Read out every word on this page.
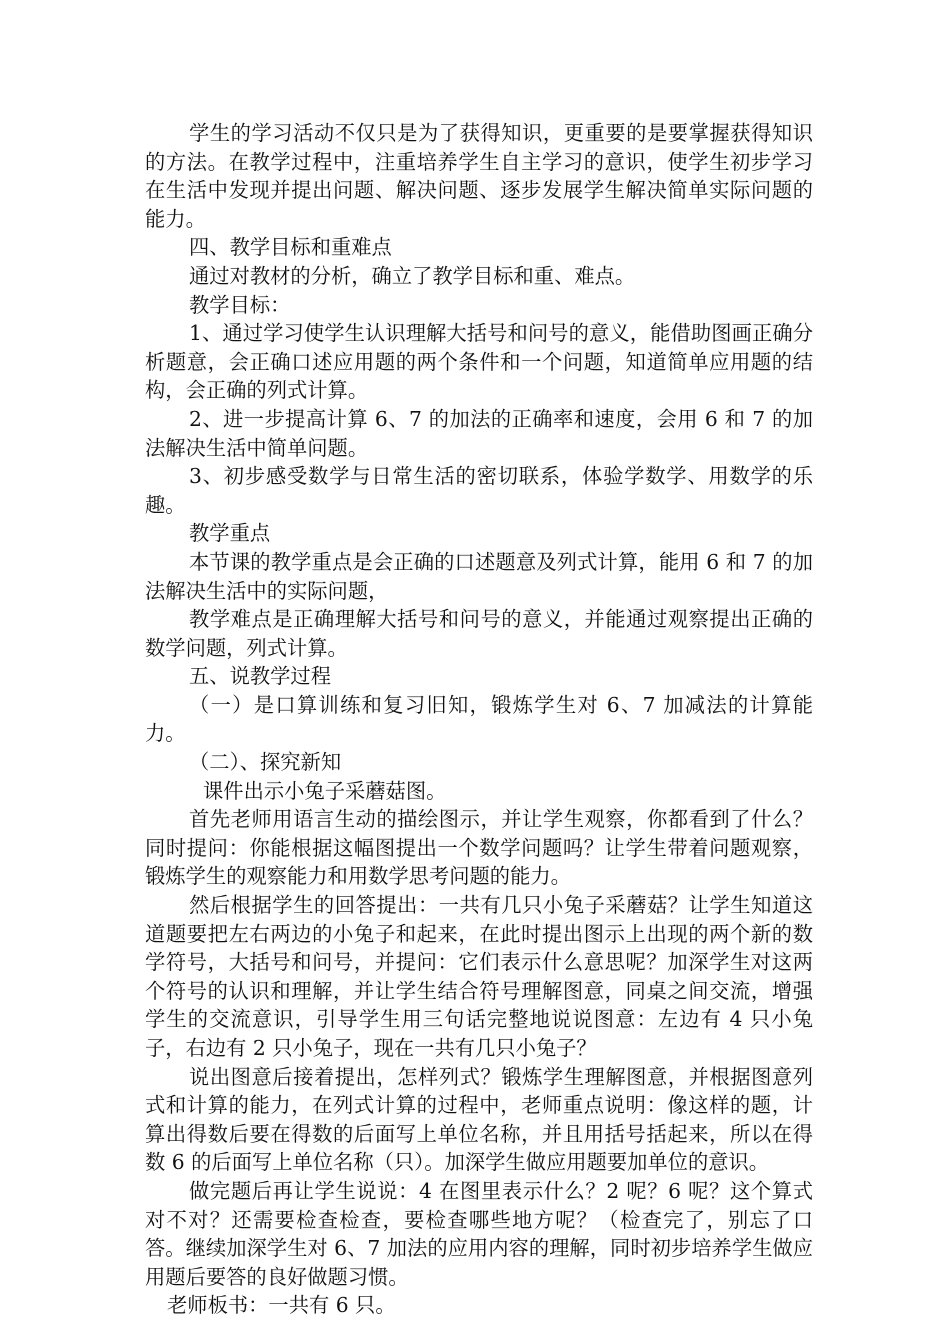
学生的学习活动不仅只是为了获得知识，更重要的是要掌握获得知识的方法。在教学过程中，注重培养学生自主学习的意识，使学生初步学习在生活中发现并提出问题、解决问题、逐步发展学生解决简单实际问题的能力。

四、教学目标和重难点

通过对教材的分析，确立了教学目标和重、难点。

教学目标：

1、通过学习使学生认识理解大括号和问号的意义，能借助图画正确分析题意，会正确口述应用题的两个条件和一个问题，知道简单应用题的结构，会正确的列式计算。

2、进一步提高计算 6、7 的加法的正确率和速度，会用 6 和 7 的加法解决生活中简单问题。

3、初步感受数学与日常生活的密切联系，体验学数学、用数学的乐趣。

教学重点

本节课的教学重点是会正确的口述题意及列式计算，能用 6 和 7 的加法解决生活中的实际问题，

教学难点是正确理解大括号和问号的意义，并能通过观察提出正确的数学问题，列式计算。

五、说教学过程

（一）是口算训练和复习旧知，锻炼学生对 6、7 加减法的计算能力。

（二）、探究新知

课件出示小兔子采蘑菇图。

首先老师用语言生动的描绘图示，并让学生观察，你都看到了什么？同时提问：你能根据这幅图提出一个数学问题吗？让学生带着问题观察，锻炼学生的观察能力和用数学思考问题的能力。

然后根据学生的回答提出：一共有几只小兔子采蘑菇？让学生知道这道题要把左右两边的小兔子和起来，在此时提出图示上出现的两个新的数学符号，大括号和问号，并提问：它们表示什么意思呢？加深学生对这两个符号的认识和理解，并让学生结合符号理解图意，同桌之间交流，增强学生的交流意识，引导学生用三句话完整地说说图意：左边有 4 只小兔子，右边有 2 只小兔子，现在一共有几只小兔子？

说出图意后接着提出，怎样列式？锻炼学生理解图意，并根据图意列式和计算的能力，在列式计算的过程中，老师重点说明：像这样的题，计算出得数后要在得数的后面写上单位名称，并且用括号括起来，所以在得数 6 的后面写上单位名称（只）。加深学生做应用题要加单位的意识。

做完题后再让学生说说：4 在图里表示什么？2 呢？6 呢？这个算式对不对？还需要检查检查，要检查哪些地方呢？（检查完了，别忘了口答。继续加深学生对 6、7 加法的应用内容的理解，同时初步培养学生做应用题后要答的良好做题习惯。

老师板书：一共有 6 只。
